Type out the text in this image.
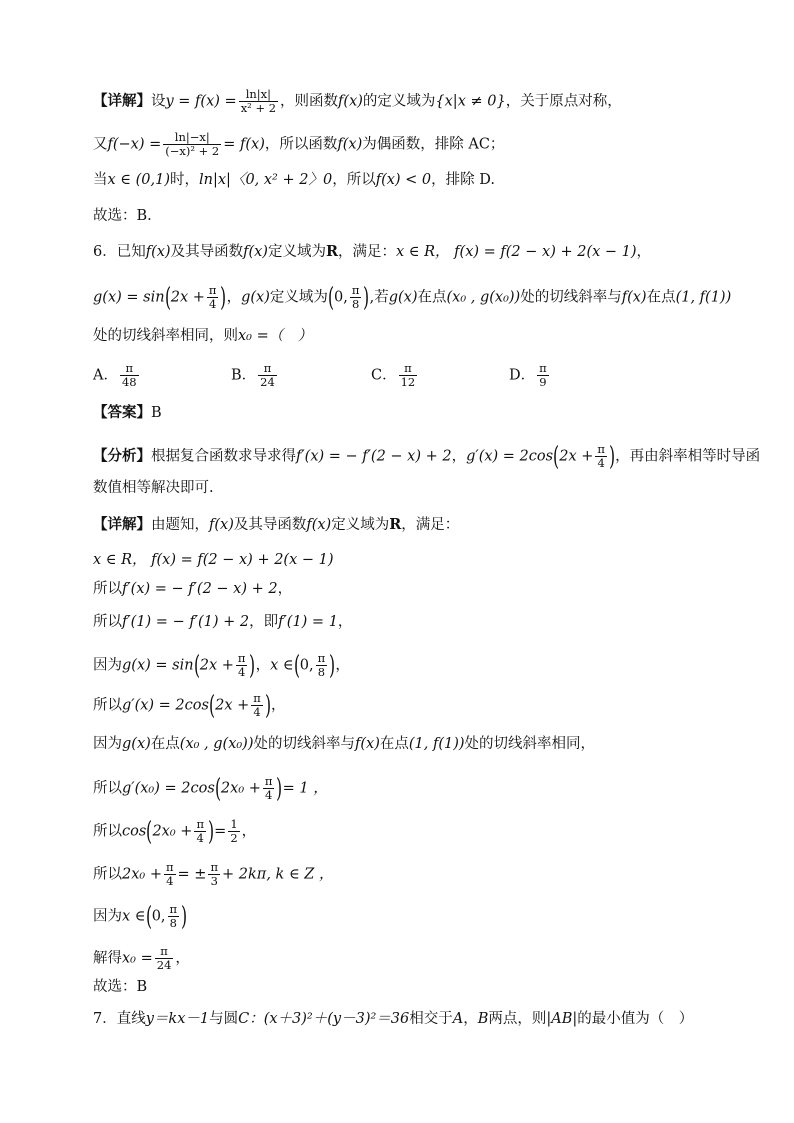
【详解】设$y = f(x) = \frac{\ln|x|}{\text{x² + 2}}$ ，则函数f(x)的定义域为{x|x ≠ 0}，关于原点对称，
又$f(-x) = \frac{\ln|-x|}{\text{(−x)² + 2}} = f(x)$，所以函数f(x)为偶函数，排除 AC；
当x ∈ (0,1)时，ln|x|〈0, x² + 2〉0，所以f(x) < 0，排除 D.
故选：B.
6．已知f(x)及其导函数f(x)定义域为R，满足：x ∈ R， f(x) = f(2 − x) + 2(x − 1)，
$g(x) = \sin(2x + \frac{\pi}{4}$ )，g(x)定义域为(0, $\frac{\pi}{8}$ ),若g(x)在点(x₀ , g(x₀))处的切线斜率与f(x)在点(1, f(1))
处的切线斜率相同，则x₀ =（　）
A． $\frac{\pi}{48}$	B． $\frac{\pi}{24}$	C． $\frac{\pi}{12}$	D． $\frac{\pi}{9}$
【答案】B
【分析】根据复合函数求导求得f′(x) = − f′(2 − x) + 2，$g'(x) = 2\cos(2x + \frac{\pi}{4}$ )，再由斜率相等时导函
数值相等解决即可.
【详解】由题知，f(x)及其导函数f(x)定义域为R，满足：
x ∈ R， f(x) = f(2 − x) + 2(x − 1)
所以f′(x) = − f′(2 − x) + 2，
所以f′(1) = − f′(1) + 2，即f′(1) = 1，
因为$g(x) = \sin(2x + \frac{\pi}{4}$ )，x ∈(0, $\frac{\pi}{8}$ )，
所以$g'(x) = 2\cos(2x + \frac{\pi}{4}$ )，
因为g(x)在点(x₀ , g(x₀))处的切线斜率与f(x)在点(1, f(1))处的切线斜率相同，
所以$g'(x_0) = 2\cos(2x_0 + \frac{\pi}{4}$ )= 1 ，
所以$\cos(2x_0 + \frac{\pi}{4}$ )= $\frac{1}{2}$ ，
所以$2x_0 + \frac{\pi}{4}$ = ± $\frac{\pi}{3} + 2k\pi$, k ∈ Z ，
因为x ∈(0, $\frac{\pi}{8}$ )
解得$x_0 = \frac{\pi}{24}$ ，
故选：B
7．直线y＝kx－1与圆C：(x＋3)²＋(y－3)²＝36相交于A，B两点，则|AB|的最小值为（　）
